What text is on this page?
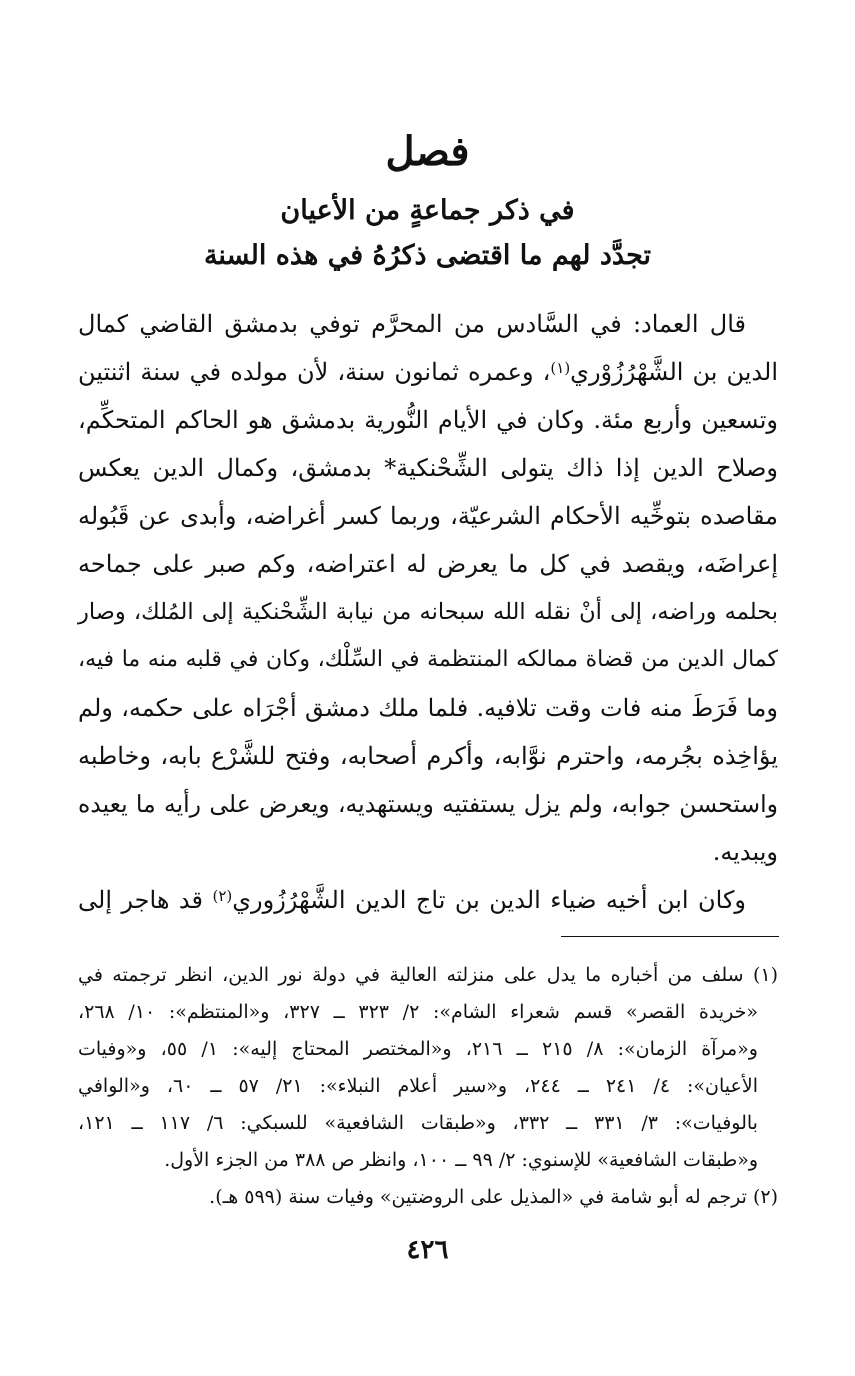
فصل
في ذكر جماعةٍ من الأعيان
تجدَّد لهم ما اقتضى ذكرُهُ في هذه السنة
قال العماد: في السَّادس من المحرَّم توفي بدمشق القاضي كمال
الدين بن الشَّهْرُزُوْري$^{(١)}$، وعمره ثمانون سنة، لأن مولده في سنة اثنتين
وتسعين وأربع مئة. وكان في الأيام النُّورية بدمشق هو الحاكم المتحكِّم،
وصلاح الدين إذا ذاك يتولى الشِّحْنكية* بدمشق، وكمال الدين يعكس
مقاصده بتوخِّيه الأحكام الشرعيّة، وربما كسر أغراضه، وأبدى عن قَبُوله
إعراضَه، ويقصد في كل ما يعرض له اعتراضه، وكم صبر على جماحه
بحلمه وراضه، إلى أنْ نقله الله سبحانه من نيابة الشِّحْنكية إلى المُلك، وصار
كمال الدين من قضاة ممالكه المنتظمة في السِّلْك، وكان في قلبه منه ما فيه،
وما فَرَطَ منه فات وقت تلافيه. فلما ملك دمشق أجْرَاه على حكمه، ولم
يؤاخِذه بجُرمه، واحترم نوَّابه، وأكرم أصحابه، وفتح للشَّرْع بابه، وخاطبه
واستحسن جوابه، ولم يزل يستفتيه ويستهديه، ويعرض على رأيه ما يعيده
ويبديه.
وكان ابن أخيه ضياء الدين بن تاج الدين الشَّهْرُزُوري$^{(٢)}$ قد هاجر إلى
(١) سلف من أخباره ما يدل على منزلته العالية في دولة نور الدين، انظر ترجمته في
«خريدة القصر» قسم شعراء الشام»: ٢/ ٣٢٣ ــ ٣٢٧، و«المنتظم»: ١٠/ ٢٦٨،
و«مرآة الزمان»: ٨/ ٢١٥ ــ ٢١٦، و«المختصر المحتاج إليه»: ١/ ٥٥، و«وفيات
الأعيان»: ٤/ ٢٤١ ــ ٢٤٤، و«سير أعلام النبلاء»: ٢١/ ٥٧ ــ ٦٠، و«الوافي
بالوفيات»: ٣/ ٣٣١ ــ ٣٣٢، و«طبقات الشافعية» للسبكي: ٦/ ١١٧ ــ ١٢١،
و«طبقات الشافعية» للإسنوي: ٢/ ٩٩ ــ ١٠٠، وانظر ص ٣٨٨ من الجزء الأول.
(٢) ترجم له أبو شامة في «المذيل على الروضتين» وفيات سنة (٥٩٩ هـ).
٤٢٦
